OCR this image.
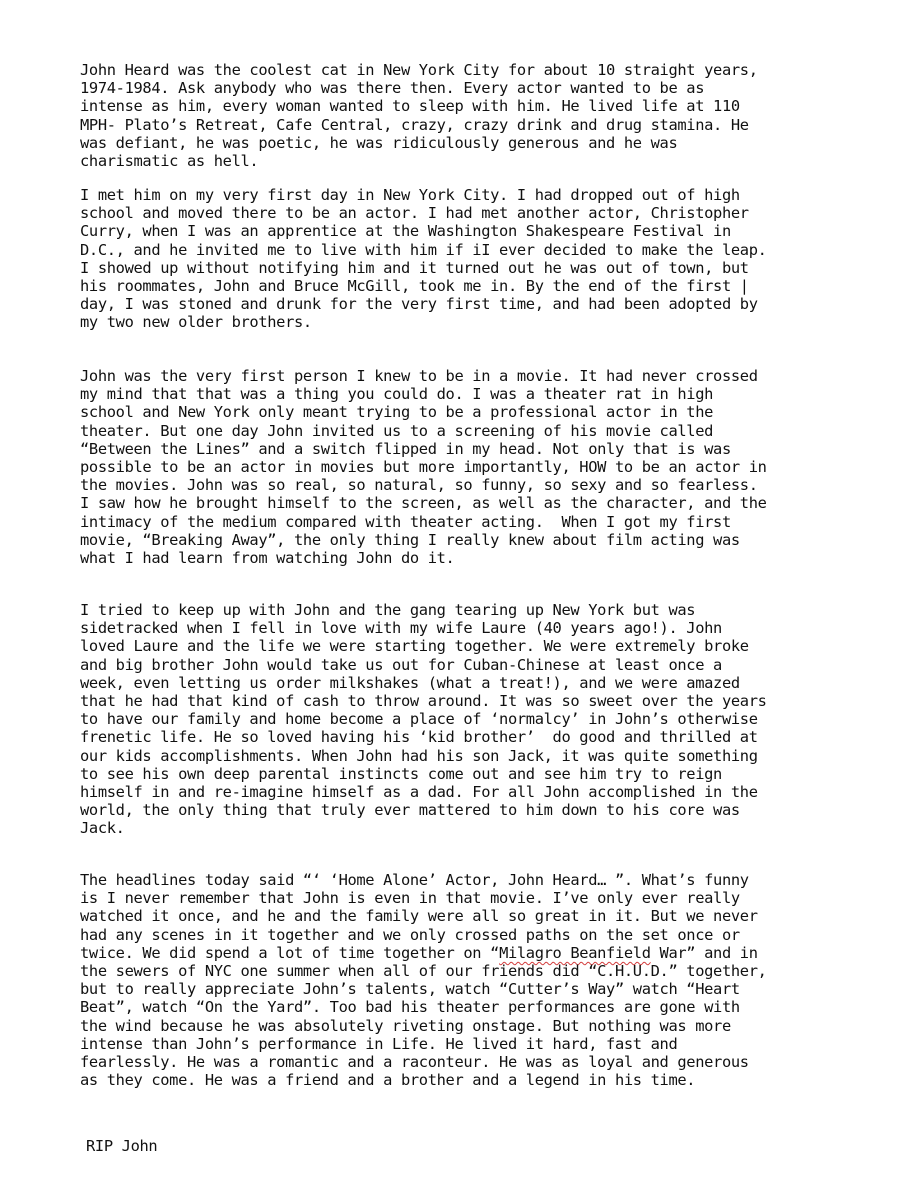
John Heard was the coolest cat in New York City for about 10 straight years,
1974-1984. Ask anybody who was there then. Every actor wanted to be as
intense as him, every woman wanted to sleep with him. He lived life at 110
MPH- Plato’s Retreat, Cafe Central, crazy, crazy drink and drug stamina. He
was defiant, he was poetic, he was ridiculously generous and he was
charismatic as hell.
I met him on my very first day in New York City. I had dropped out of high
school and moved there to be an actor. I had met another actor, Christopher
Curry, when I was an apprentice at the Washington Shakespeare Festival in
D.C., and he invited me to live with him if iI ever decided to make the leap.
I showed up without notifying him and it turned out he was out of town, but
his roommates, John and Bruce McGill, took me in. By the end of the first |
day, I was stoned and drunk for the very first time, and had been adopted by
my two new older brothers.
John was the very first person I knew to be in a movie. It had never crossed
my mind that that was a thing you could do. I was a theater rat in high
school and New York only meant trying to be a professional actor in the
theater. But one day John invited us to a screening of his movie called
“Between the Lines” and a switch flipped in my head. Not only that is was
possible to be an actor in movies but more importantly, HOW to be an actor in
the movies. John was so real, so natural, so funny, so sexy and so fearless.
I saw how he brought himself to the screen, as well as the character, and the
intimacy of the medium compared with theater acting.  When I got my first
movie, “Breaking Away”, the only thing I really knew about film acting was
what I had learn from watching John do it.
I tried to keep up with John and the gang tearing up New York but was
sidetracked when I fell in love with my wife Laure (40 years ago!). John
loved Laure and the life we were starting together. We were extremely broke
and big brother John would take us out for Cuban-Chinese at least once a
week, even letting us order milkshakes (what a treat!), and we were amazed
that he had that kind of cash to throw around. It was so sweet over the years
to have our family and home become a place of ‘normalcy’ in John’s otherwise
frenetic life. He so loved having his ‘kid brother’  do good and thrilled at
our kids accomplishments. When John had his son Jack, it was quite something
to see his own deep parental instincts come out and see him try to reign
himself in and re-imagine himself as a dad. For all John accomplished in the
world, the only thing that truly ever mattered to him down to his core was
Jack.
The headlines today said “‘ ‘Home Alone’ Actor, John Heard… ”. What’s funny
is I never remember that John is even in that movie. I’ve only ever really
watched it once, and he and the family were all so great in it. But we never
had any scenes in it together and we only crossed paths on the set once or
twice. We did spend a lot of time together on “Milagro Beanfield War” and in
the sewers of NYC one summer when all of our friends did “C.H.U.D.” together,
but to really appreciate John’s talents, watch “Cutter’s Way” watch “Heart
Beat”, watch “On the Yard”. Too bad his theater performances are gone with
the wind because he was absolutely riveting onstage. But nothing was more
intense than John’s performance in Life. He lived it hard, fast and
fearlessly. He was a romantic and a raconteur. He was as loyal and generous
as they come. He was a friend and a brother and a legend in his time.
RIP John
